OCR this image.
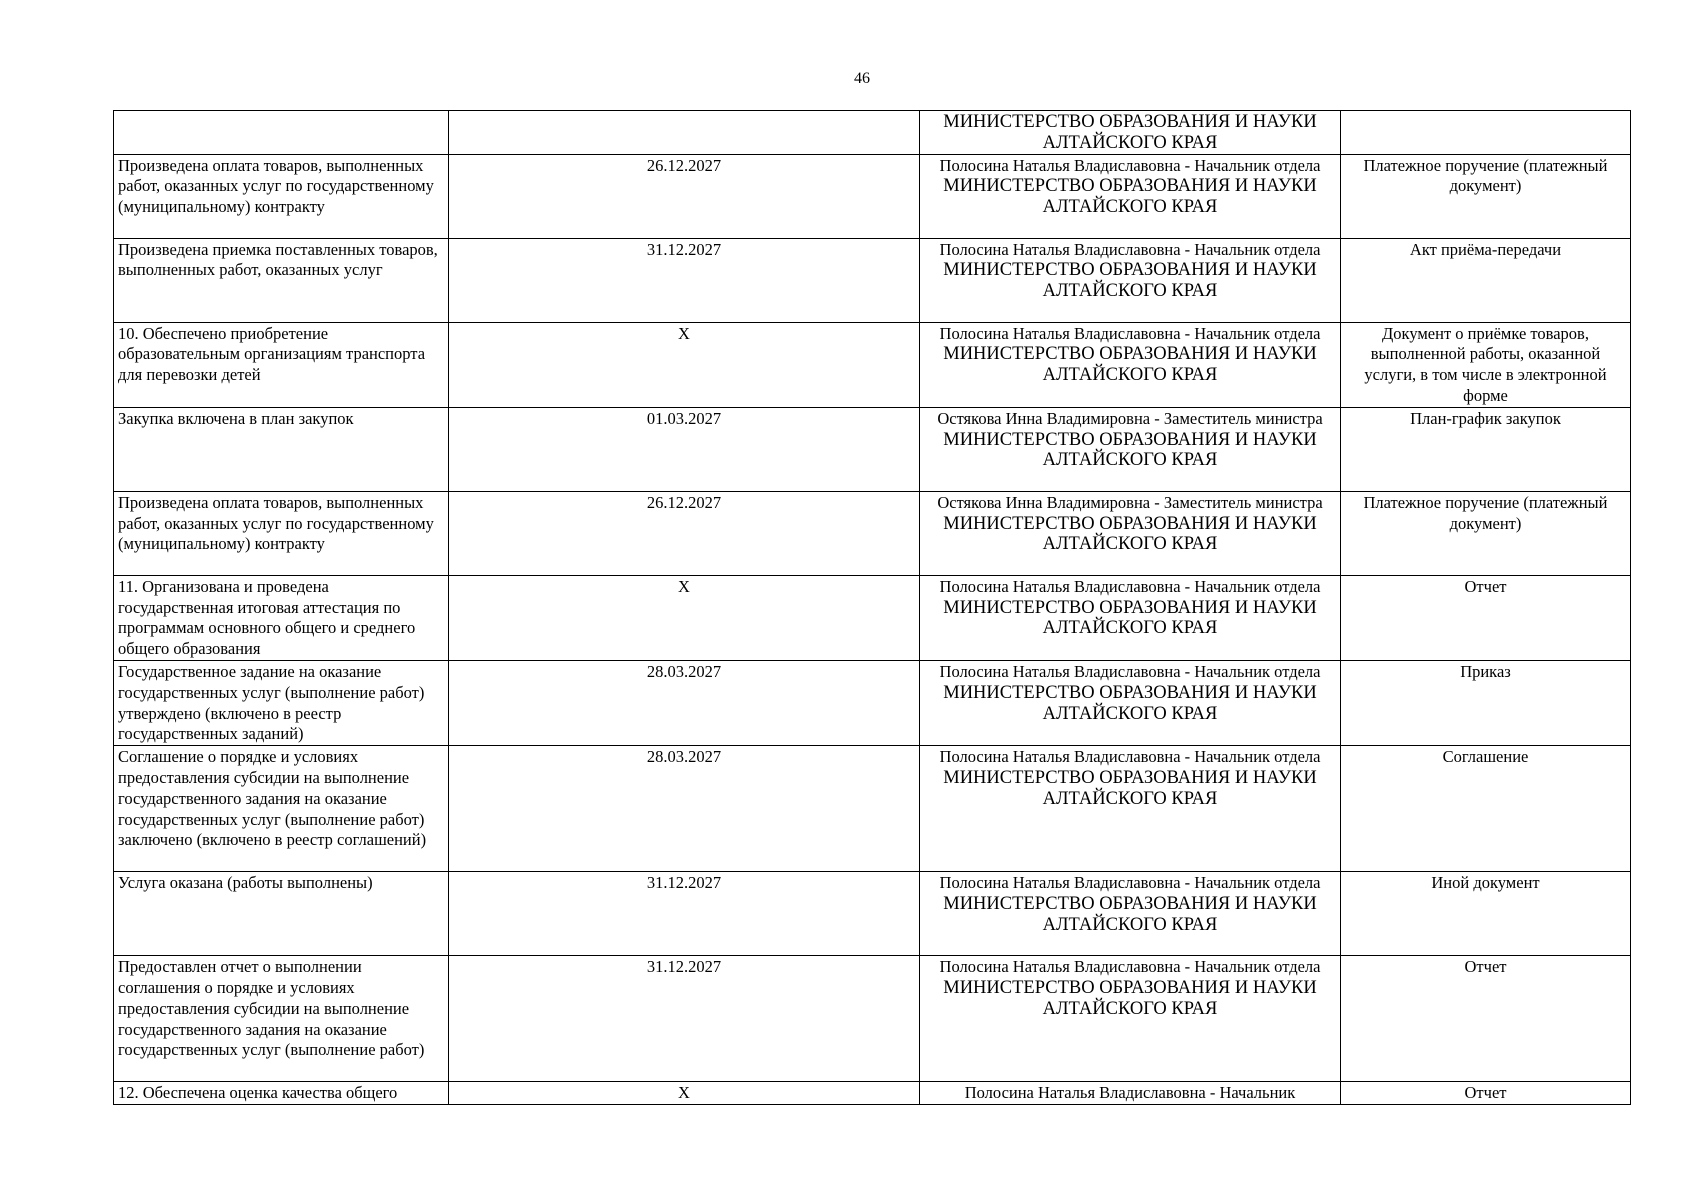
46

		МИНИСТЕРСТВО ОБРАЗОВАНИЯ И НАУКИ
АЛТАЙСКОГО КРАЯ	

Произведена оплата товаров, выполненных работ, оказанных услуг по государственному (муниципальному) контракту	26.12.2027	Полосина Наталья Владиславовна - Начальник отдела
МИНИСТЕРСТВО ОБРАЗОВАНИЯ И НАУКИ
АЛТАЙСКОГО КРАЯ	Платежное поручение (платежный документ)
Произведена приемка поставленных товаров, выполненных работ, оказанных услуг	31.12.2027	Полосина Наталья Владиславовна - Начальник отдела
МИНИСТЕРСТВО ОБРАЗОВАНИЯ И НАУКИ
АЛТАЙСКОГО КРАЯ	Акт приёма-передачи
10. Обеспечено приобретение образовательным организациям транспорта для перевозки детей	X	Полосина Наталья Владиславовна - Начальник отдела
МИНИСТЕРСТВО ОБРАЗОВАНИЯ И НАУКИ
АЛТАЙСКОГО КРАЯ	Документ о приёмке товаров, выполненной работы, оказанной услуги, в том числе в электронной форме
Закупка включена в план закупок	01.03.2027	Остякова Инна Владимировна - Заместитель министра
МИНИСТЕРСТВО ОБРАЗОВАНИЯ И НАУКИ
АЛТАЙСКОГО КРАЯ	План-график закупок
Произведена оплата товаров, выполненных работ, оказанных услуг по государственному (муниципальному) контракту	26.12.2027	Остякова Инна Владимировна - Заместитель министра
МИНИСТЕРСТВО ОБРАЗОВАНИЯ И НАУКИ
АЛТАЙСКОГО КРАЯ	Платежное поручение (платежный документ)
11. Организована и проведена государственная итоговая аттестация по программам основного общего и среднего общего образования	X	Полосина Наталья Владиславовна - Начальник отдела
МИНИСТЕРСТВО ОБРАЗОВАНИЯ И НАУКИ
АЛТАЙСКОГО КРАЯ	Отчет
Государственное задание на оказание государственных услуг (выполнение работ) утверждено (включено в реестр государственных заданий)	28.03.2027	Полосина Наталья Владиславовна - Начальник отдела
МИНИСТЕРСТВО ОБРАЗОВАНИЯ И НАУКИ
АЛТАЙСКОГО КРАЯ	Приказ
Соглашение о порядке и условиях предоставления субсидии на выполнение государственного задания на оказание государственных услуг (выполнение работ) заключено (включено в реестр соглашений)	28.03.2027	Полосина Наталья Владиславовна - Начальник отдела
МИНИСТЕРСТВО ОБРАЗОВАНИЯ И НАУКИ
АЛТАЙСКОГО КРАЯ	Соглашение
Услуга оказана (работы выполнены)	31.12.2027	Полосина Наталья Владиславовна - Начальник отдела
МИНИСТЕРСТВО ОБРАЗОВАНИЯ И НАУКИ
АЛТАЙСКОГО КРАЯ	Иной документ
Предоставлен отчет о выполнении соглашения о порядке и условиях предоставления субсидии на выполнение государственного задания на оказание государственных услуг (выполнение работ)	31.12.2027	Полосина Наталья Владиславовна - Начальник отдела
МИНИСТЕРСТВО ОБРАЗОВАНИЯ И НАУКИ
АЛТАЙСКОГО КРАЯ	Отчет
12. Обеспечена оценка качества общего	X	Полосина Наталья Владиславовна - Начальник	Отчет
